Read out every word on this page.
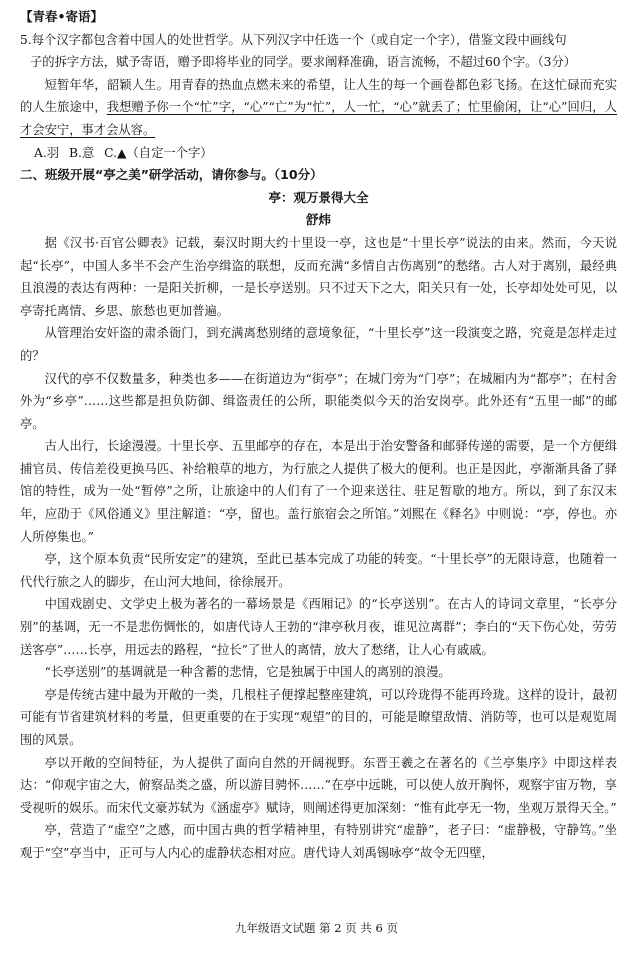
【青春•寄语】

5.每个汉字都包含着中国人的处世哲学。从下列汉字中任选一个（或自定一个字），借鉴文段中画线句

子的拆字方法，赋予寄语，赠予即将毕业的同学。要求阐释准确，语言流畅，不超过60个字。（3分）

短暂年华，韶颖人生。用青春的热血点燃未来的希望，让人生的每一个画卷都色彩飞扬。在这忙碌而充实的人生旅途中，我想赠予你一个“忙”字，“心”“亡”为“忙”，人一忙，“心”就丢了；忙里偷闲，让“心”回归，人才会安宁，事才会从容。

A.羽 B.意 C.▲（自定一个字）

二、班级开展“亭之美”研学活动，请你参与。（10分）

亭：观万景得大全

舒炜

据《汉书·百官公卿表》记载，秦汉时期大约十里设一亭，这也是“十里长亭”说法的由来。然而，今天说起“长亭”，中国人多半不会产生治亭缉盗的联想，反而充满“多情自古伤离别”的愁绪。古人对于离别，最经典且浪漫的表达有两种：一是阳关折柳，一是长亭送别。只不过天下之大，阳关只有一处，长亭却处处可见，以亭寄托离情、乡思、旅愁也更加普遍。

从管理治安奸盗的肃杀衙门，到充满离愁别绪的意境象征，“十里长亭”这一段演变之路，究竟是怎样走过的？

汉代的亭不仅数量多，种类也多——在街道边为“街亭”；在城门旁为“门亭”；在城厢内为“都亭”；在村舍外为“乡亭”……这些都是担负防御、缉盗责任的公所，职能类似今天的治安岗亭。此外还有“五里一邮”的邮亭。

古人出行，长途漫漫。十里长亭、五里邮亭的存在，本是出于治安警备和邮驿传递的需要，是一个方便缉捕官员、传信差役更换马匹、补给粮草的地方，为行旅之人提供了极大的便利。也正是因此，亭渐渐具备了驿馆的特性，成为一处“暂停”之所，让旅途中的人们有了一个迎来送往、驻足暂歇的地方。所以，到了东汉末年，应劭于《风俗通义》里注解道：“亭，留也。盖行旅宿会之所馆。”刘熙在《释名》中则说：“亭，停也。亦人所停集也。”

亭，这个原本负责“民所安定”的建筑，至此已基本完成了功能的转变。“十里长亭”的无限诗意，也随着一代代行旅之人的脚步，在山河大地间，徐徐展开。

中国戏剧史、文学史上极为著名的一幕场景是《西厢记》的“长亭送别”。在古人的诗词文章里，“长亭分别”的基调，无一不是悲伤惆怅的，如唐代诗人王勃的“津亭秋月夜，谁见泣离群”；李白的“天下伤心处，劳劳送客亭”……长亭，用远去的路程，“拉长”了世人的离情，放大了愁绪，让人心有戚戚。

“长亭送别”的基调就是一种含蓄的悲情，它是独属于中国人的离别的浪漫。

亭是传统古建中最为开敞的一类，几根柱子便撑起整座建筑，可以玲珑得不能再玲珑。这样的设计，最初可能有节省建筑材料的考量，但更重要的在于实现“观望”的目的，可能是瞭望敌情、消防等，也可以是观览周围的风景。

亭以开敞的空间特征，为人提供了面向自然的开阔视野。东晋王羲之在著名的《兰亭集序》中即这样表达：“仰观宇宙之大，俯察品类之盛，所以游目骋怀……”在亭中远眺，可以使人放开胸怀，观察宇宙万物，享受视听的娱乐。而宋代文豪苏轼为《涵虚亭》赋诗，则阐述得更加深刻：“惟有此亭无一物，坐观万景得天全。”

亭，营造了“虚空”之感，而中国古典的哲学精神里，有特别讲究“虚静”，老子曰：“虚静极，守静笃。”坐观于“空”亭当中，正可与人内心的虚静状态相对应。唐代诗人刘禹锡咏亭“故令无四壁，

九年级语文试题 第 2 页 共 6 页
